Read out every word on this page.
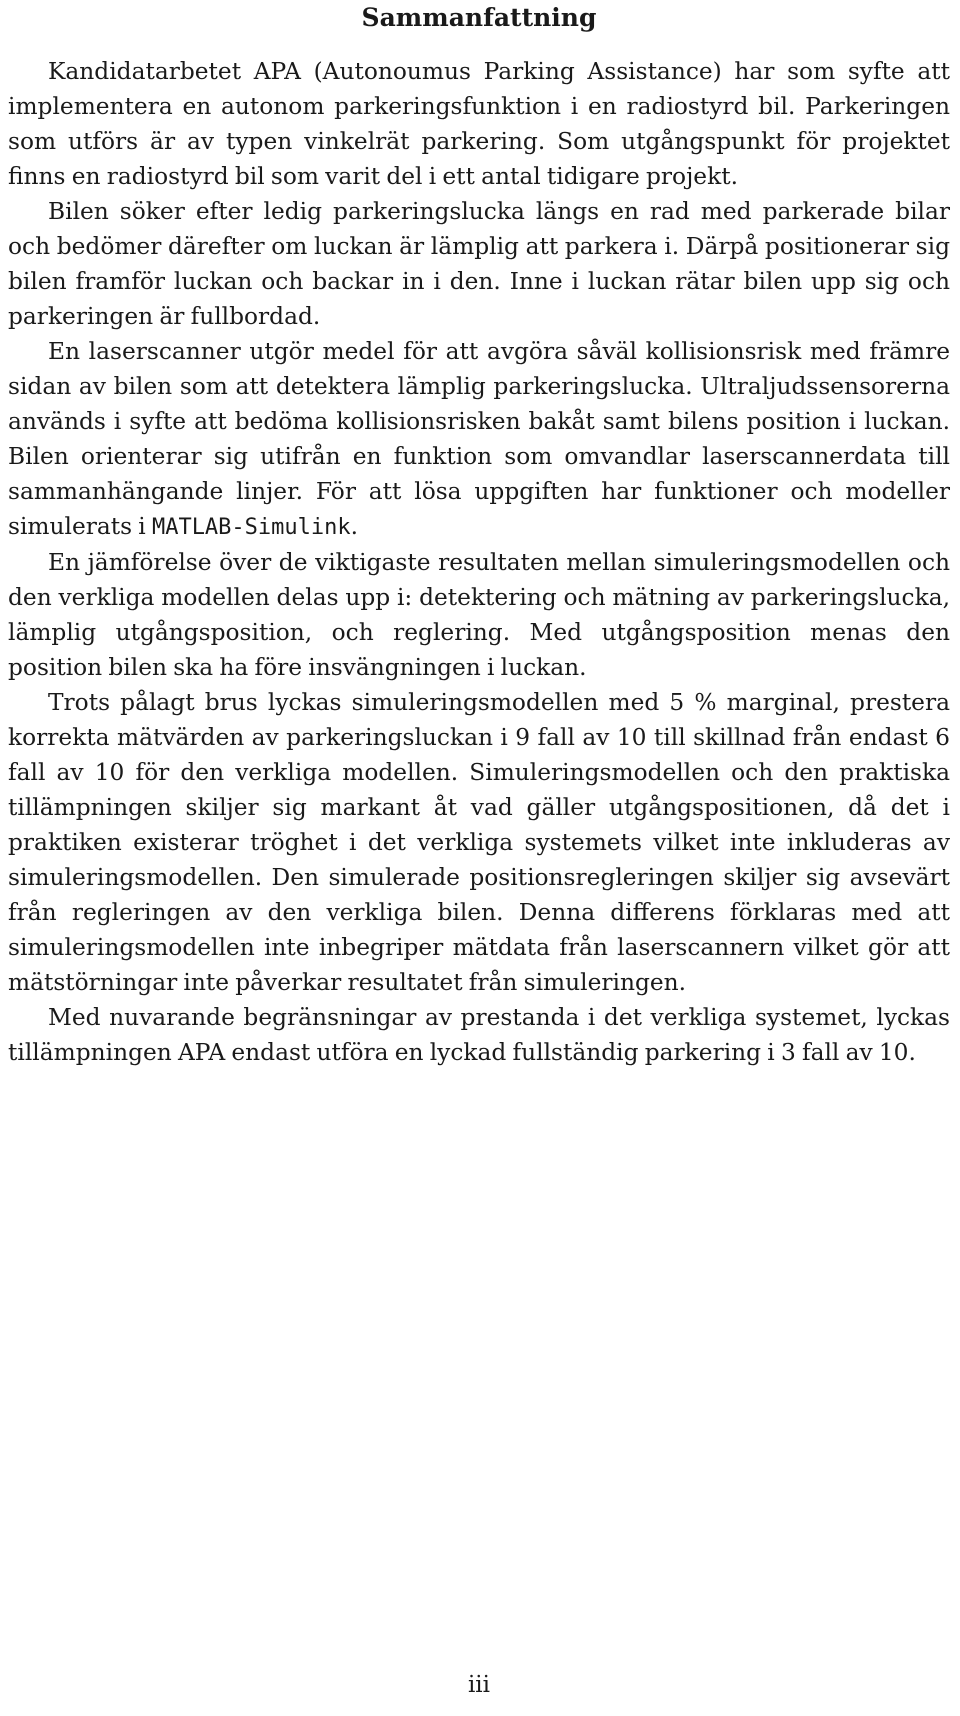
Sammanfattning

Kandidatarbetet APA (Autonoumus Parking Assistance) har som syfte att implementera en autonom parkeringsfunktion i en radiostyrd bil. Parkeringen som utförs är av typen vinkelrät parkering. Som utgångspunkt för projektet finns en radiostyrd bil som varit del i ett antal tidigare projekt.

Bilen söker efter ledig parkeringslucka längs en rad med parkerade bilar och bedömer därefter om luckan är lämplig att parkera i. Därpå positionerar sig bilen framför luckan och backar in i den. Inne i luckan rätar bilen upp sig och parkeringen är fullbordad.

En laserscanner utgör medel för att avgöra såväl kollisionsrisk med främre sidan av bilen som att detektera lämplig parkeringslucka. Ultraljudssensorerna används i syfte att bedöma kollisionsrisken bakåt samt bilens position i luckan. Bilen orienterar sig utifrån en funktion som omvandlar laserscannerdata till sammanhängande linjer. För att lösa uppgiften har funktioner och modeller simulerats i MATLAB-Simulink.

En jämförelse över de viktigaste resultaten mellan simuleringsmodellen och den verkliga modellen delas upp i: detektering och mätning av parkeringslucka, lämplig utgångsposition, och reglering. Med utgångsposition menas den position bilen ska ha före insvängningen i luckan.

Trots pålagt brus lyckas simuleringsmodellen med 5 % marginal, prestera korrekta mätvärden av parkeringsluckan i 9 fall av 10 till skillnad från endast 6 fall av 10 för den verkliga modellen. Simuleringsmodellen och den praktiska tillämpningen skiljer sig markant åt vad gäller utgångspositionen, då det i praktiken existerar tröghet i det verkliga systemets vilket inte inkluderas av simuleringsmodellen. Den simulerade positionsregleringen skiljer sig avsevärt från regleringen av den verkliga bilen. Denna differens förklaras med att simuleringsmodellen inte inbegriper mätdata från laserscannern vilket gör att mätstörningar inte påverkar resultatet från simuleringen.

Med nuvarande begränsningar av prestanda i det verkliga systemet, lyckas tillämpningen APA endast utföra en lyckad fullständig parkering i 3 fall av 10.

iii
